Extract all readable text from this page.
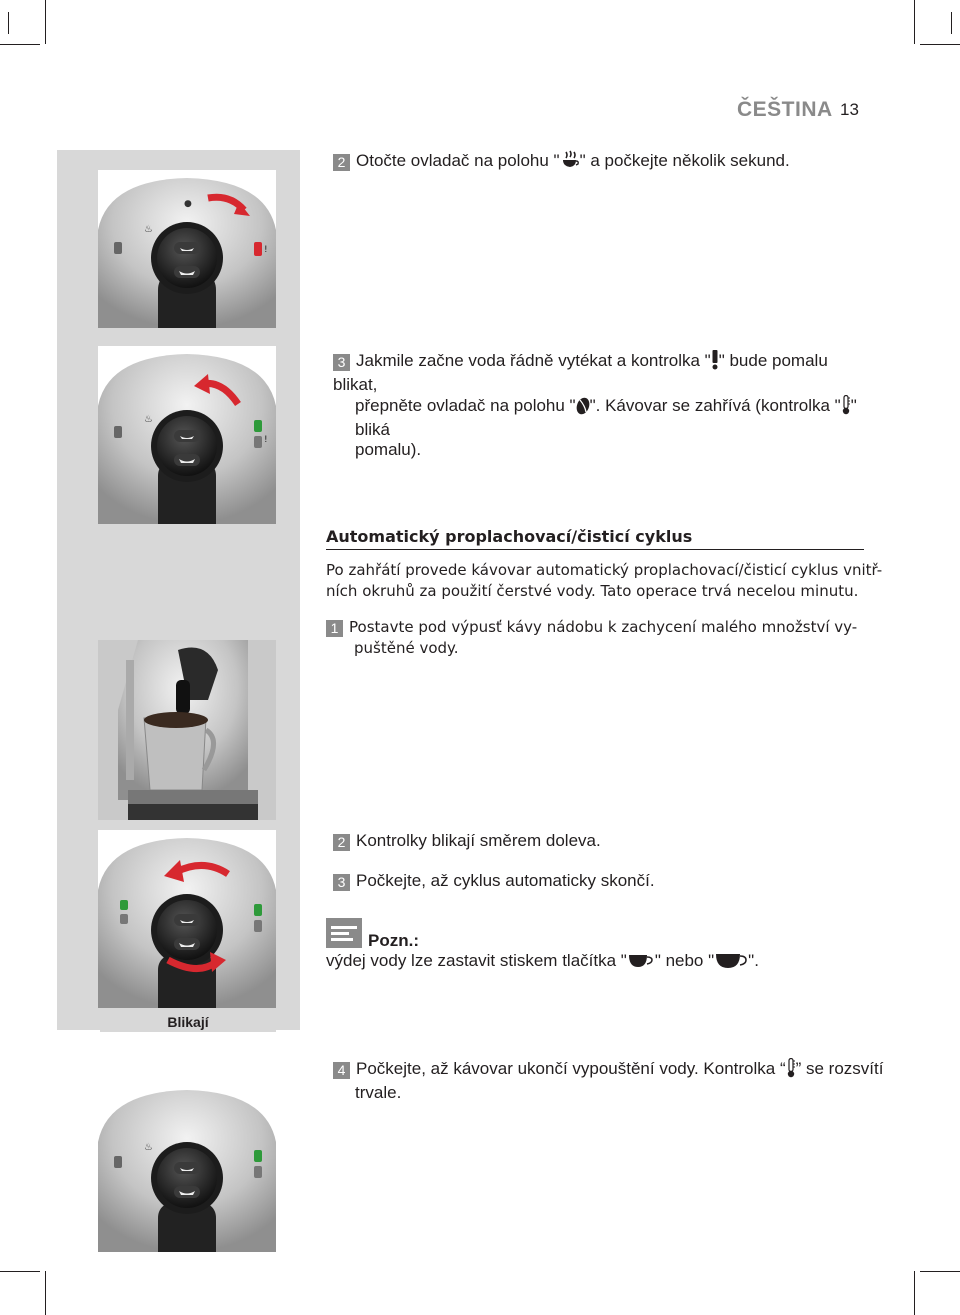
ČEŠTINA 13
!
♨
●
!
♨
♨
2 Otočte ovladač na polohu " " a počkejte několik sekund.
3 Jakmile začne voda řádně vytékat a kontrolka " " bude pomalu blikat,
přepněte ovladač na polohu " ". Kávovar se zahřívá (kontrolka " " bliká
pomalu).
Automatický proplachovací/čisticí cyklus
Po zahřátí provede kávovar automatický proplachovací/čisticí cyklus vnitř-
ních okruhů za použití čerstvé vody. Tato operace trvá necelou minutu.
1 Postavte pod výpusť kávy nádobu k zachycení malého množství vy-
puštěné vody.
2 Kontrolky blikají směrem doleva.
3 Počkejte, až cyklus automaticky skončí.
Pozn.:
výdej vody lze zastavit stiskem tlačítka " " nebo " ".
Blikají
4 Počkejte, až kávovar ukončí vypouštění vody. Kontrolka “ ” se rozsvítí
trvale.
